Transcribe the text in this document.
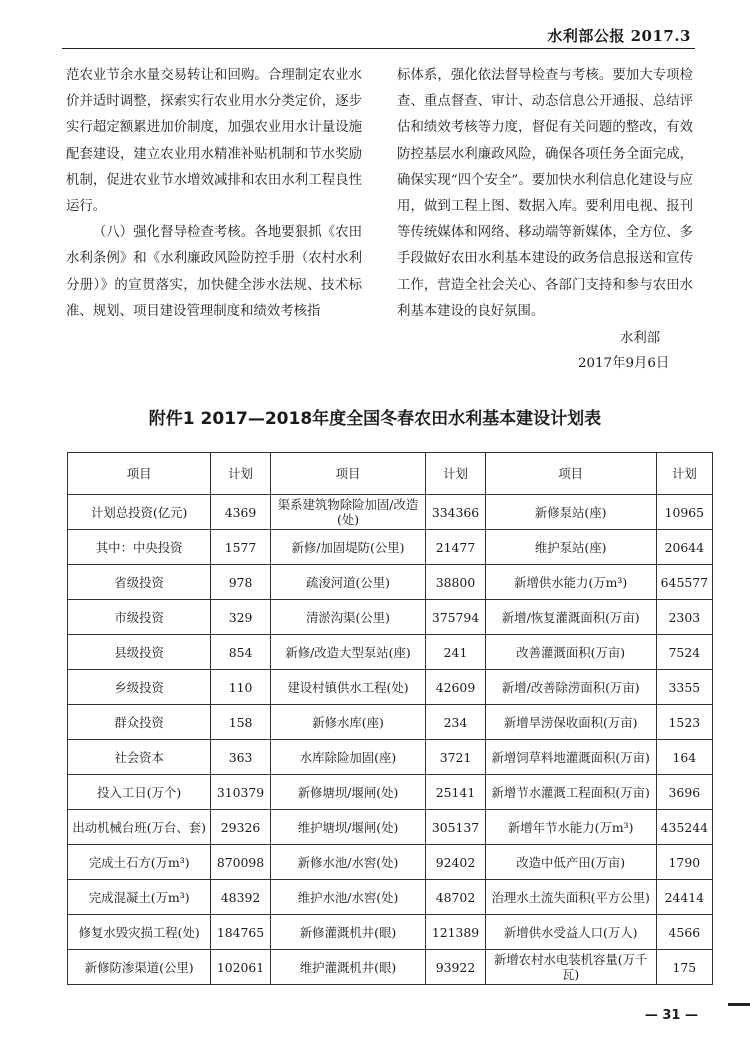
水利部公报 2017.3

范农业节余水量交易转让和回购。合理制定农业水价并适时调整，探索实行农业用水分类定价，逐步实行超定额累进加价制度，加强农业用水计量设施配套建设，建立农业用水精准补贴机制和节水奖励机制，促进农业节水增效减排和农田水利工程良性运行。

（八）强化督导检查考核。各地要狠抓《农田水利条例》和《水利廉政风险防控手册（农村水利分册）》的宣贯落实，加快健全涉水法规、技术标准、规划、项目建设管理制度和绩效考核指

标体系，强化依法督导检查与考核。要加大专项检查、重点督查、审计、动态信息公开通报、总结评估和绩效考核等力度，督促有关问题的整改，有效防控基层水利廉政风险，确保各项任务全面完成，确保实现“四个安全”。要加快水利信息化建设与应用，做到工程上图、数据入库。要利用电视、报刊等传统媒体和网络、移动端等新媒体，全方位、多手段做好农田水利基本建设的政务信息报送和宣传工作，营造全社会关心、各部门支持和参与农田水利基本建设的良好氛围。

水利部
2017年9月6日
附件1 2017—2018年度全国冬春农田水利基本建设计划表
项目	计划	项目	计划	项目	计划
计划总投资(亿元)	4369	渠系建筑物除险加固/改造(处)	334366	新修泵站(座)	10965
其中：中央投资	1577	新修/加固堤防(公里)	21477	维护泵站(座)	20644
省级投资	978	疏浚河道(公里)	38800	新增供水能力(万m³)	645577
市级投资	329	清淤沟渠(公里)	375794	新增/恢复灌溉面积(万亩)	2303
县级投资	854	新修/改造大型泵站(座)	241	改善灌溉面积(万亩)	7524
乡级投资	110	建设村镇供水工程(处)	42609	新增/改善除涝面积(万亩)	3355
群众投资	158	新修水库(座)	234	新增旱涝保收面积(万亩)	1523
社会资本	363	水库除险加固(座)	3721	新增饲草料地灌溉面积(万亩)	164
投入工日(万个)	310379	新修塘坝/堰闸(处)	25141	新增节水灌溉工程面积(万亩)	3696
出动机械台班(万台、套)	29326	维护塘坝/堰闸(处)	305137	新增年节水能力(万m³)	435244
完成土石方(万m³)	870098	新修水池/水窖(处)	92402	改造中低产田(万亩)	1790
完成混凝土(万m³)	48392	维护水池/水窖(处)	48702	治理水土流失面积(平方公里)	24414
修复水毁灾损工程(处)	184765	新修灌溉机井(眼)	121389	新增供水受益人口(万人)	4566
新修防渗渠道(公里)	102061	维护灌溉机井(眼)	93922	新增农村水电装机容量(万千瓦)	175
— 31 —
